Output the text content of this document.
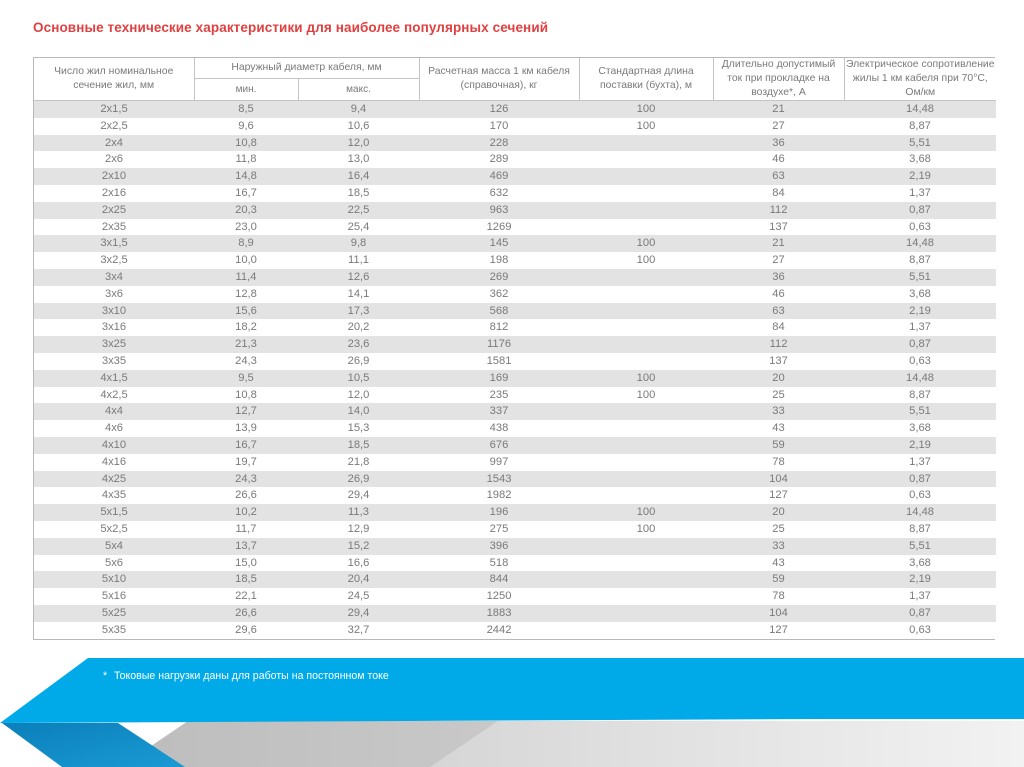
Основные технические характеристики для наиболее популярных сечений
Число жил номинальное сечение жил, мм	Наружный диаметр кабеля, мм		Расчетная масса 1 км кабеля (справочная), кг	Стандартная длина поставки (бухта), м	Длительно допустимый ток при прокладке на воздухе*, А	Электрическое сопротивление жилы 1 км кабеля при 70°С, Ом/км
	мин.	макс.				
2х1,5	8,5	9,4	126	100	21	14,48
2х2,5	9,6	10,6	170	100	27	8,87
2х4	10,8	12,0	228		36	5,51
2х6	11,8	13,0	289		46	3,68
2х10	14,8	16,4	469		63	2,19
2х16	16,7	18,5	632		84	1,37
2х25	20,3	22,5	963		112	0,87
2х35	23,0	25,4	1269		137	0,63
3х1,5	8,9	9,8	145	100	21	14,48
3х2,5	10,0	11,1	198	100	27	8,87
3х4	11,4	12,6	269		36	5,51
3х6	12,8	14,1	362		46	3,68
3х10	15,6	17,3	568		63	2,19
3х16	18,2	20,2	812		84	1,37
3х25	21,3	23,6	1176		112	0,87
3х35	24,3	26,9	1581		137	0,63
4х1,5	9,5	10,5	169	100	20	14,48
4х2,5	10,8	12,0	235	100	25	8,87
4х4	12,7	14,0	337		33	5,51
4х6	13,9	15,3	438		43	3,68
4х10	16,7	18,5	676		59	2,19
4х16	19,7	21,8	997		78	1,37
4х25	24,3	26,9	1543		104	0,87
4х35	26,6	29,4	1982		127	0,63
5х1,5	10,2	11,3	196	100	20	14,48
5х2,5	11,7	12,9	275	100	25	8,87
5х4	13,7	15,2	396		33	5,51
5х6	15,0	16,6	518		43	3,68
5х10	18,5	20,4	844		59	2,19
5х16	22,1	24,5	1250		78	1,37
5х25	26,6	29,4	1883		104	0,87
5х35	29,6	32,7	2442		127	0,63
* Токовые нагрузки даны для работы на постоянном токе
